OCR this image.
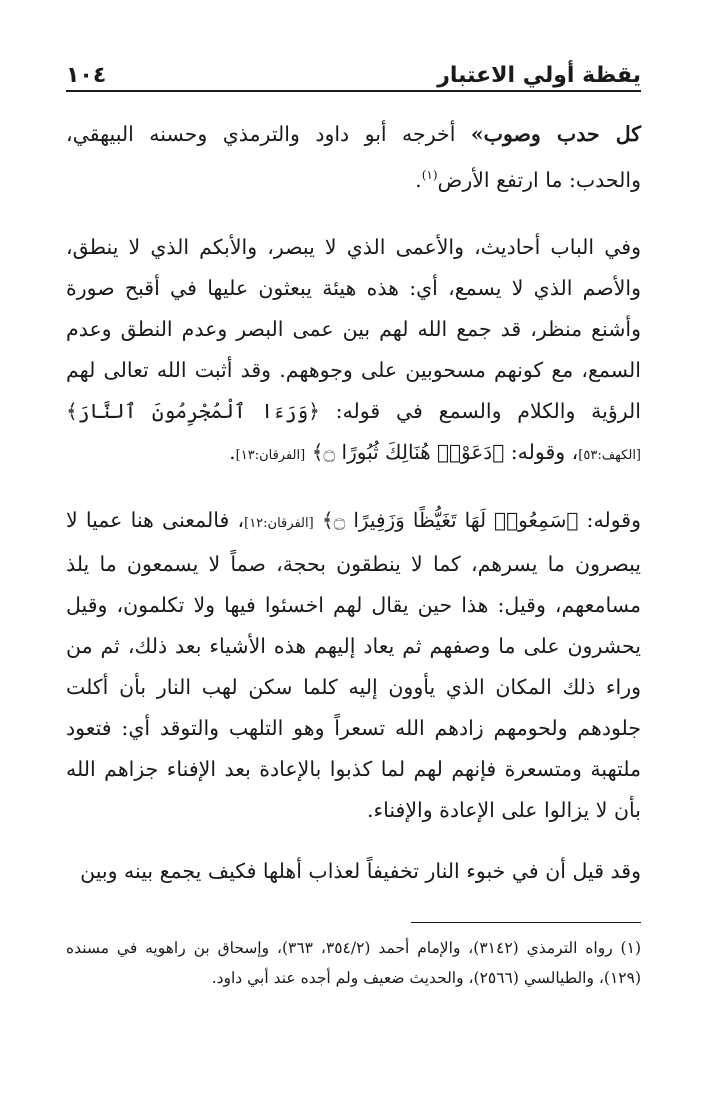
يقظة أولي الاعتبار
١٠٤

كل حدب وصوب» أخرجه أبو داود والترمذي وحسنه البيهقي، والحدب: ما ارتفع الأرض$^{(١)}$.

وفي الباب أحاديث، والأعمى الذي لا يبصر، والأبكم الذي لا ينطق، والأصم الذي لا يسمع، أي: هذه هيئة يبعثون عليها في أقبح صورة وأشنع منظر، قد جمع الله لهم بين عمى البصر وعدم النطق وعدم السمع، مع كونهم مسحوبين على وجوههم. وقد أثبت الله تعالى لهم الرؤية والكلام والسمع في قوله: ﴿وَرَءَا ٱلْمُجْرِمُونَ ٱلنَّارَ﴾ [الكهف:٥٣]، وقوله: ﴿دَعَوْا۟ هُنَالِكَ ثُبُورًا ۝﴾ [الفرقان:١٣].

وقوله: ﴿سَمِعُوا۟ لَهَا تَغَيُّظًا وَزَفِيرًا ۝﴾ [الفرقان:١٢]، فالمعنى هنا عميا لا يبصرون ما يسرهم، كما لا ينطقون بحجة، صماً لا يسمعون ما يلذ مسامعهم، وقيل: هذا حين يقال لهم اخسئوا فيها ولا تكلمون، وقيل يحشرون على ما وصفهم ثم يعاد إليهم هذه الأشياء بعد ذلك، ثم من وراء ذلك المكان الذي يأوون إليه كلما سكن لهب النار بأن أكلت جلودهم ولحومهم زادهم الله تسعراً وهو التلهب والتوقد أي: فتعود ملتهبة ومتسعرة فإنهم لهم لما كذبوا بالإعادة بعد الإفناء جزاهم الله بأن لا يزالوا على الإعادة والإفناء.

وقد قيل أن في خبوء النار تخفيفاً لعذاب أهلها فكيف يجمع بينه وبين

(١) رواه الترمذي (٣١٤٢)، والإمام أحمد (٣٥٤/٢، ٣٦٣)، وإسحاق بن راهويه في مسنده (١٢٩)، والطيالسي (٢٥٦٦)، والحديث ضعيف ولم أجده عند أبي داود.
